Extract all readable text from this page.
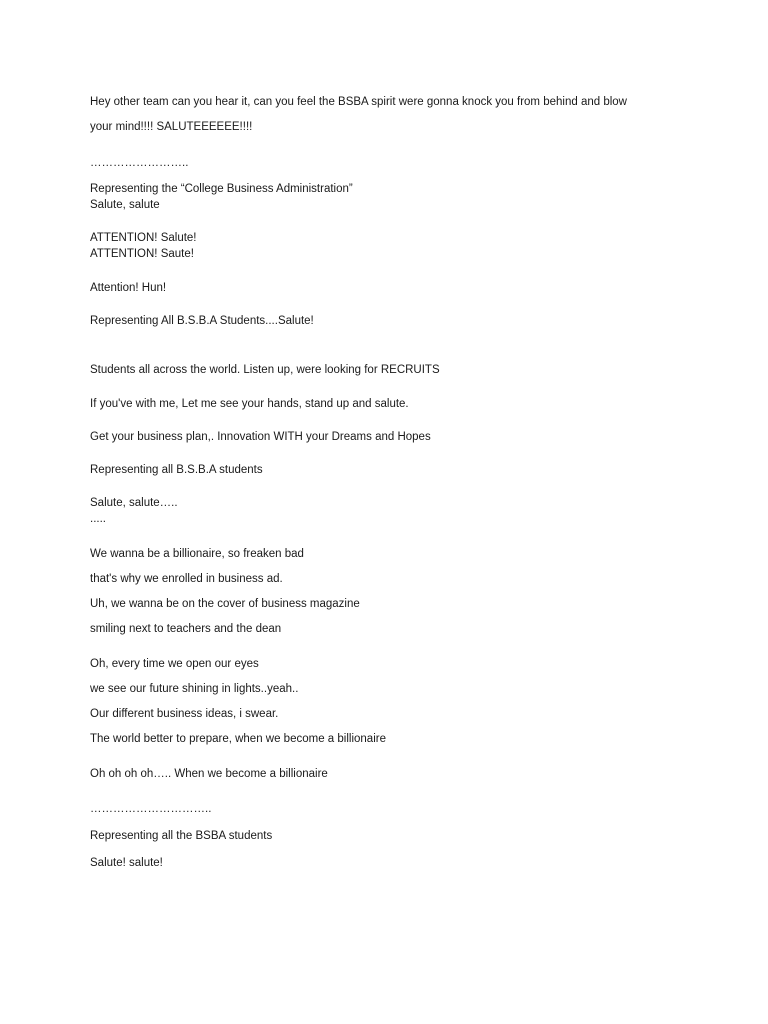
Hey other team can you hear it, can you feel the BSBA spirit were gonna knock you from behind and blow
your mind!!!! SALUTEEEEEE!!!!
……………………..
Representing the “College Business Administration”
Salute, salute
ATTENTION! Salute!
ATTENTION! Saute!
Attention! Hun!
Representing All B.S.B.A Students....Salute!
Students all across the world. Listen up, were looking for RECRUITS
If you've with me, Let me see your hands, stand up and salute.
Get your business plan,. Innovation WITH your Dreams and Hopes
Representing all B.S.B.A students
Salute, salute…..
.....
We wanna be a billionaire, so freaken bad
that's why we enrolled in business ad.
Uh, we wanna be on the cover of business magazine
smiling next to teachers and the dean
Oh, every time we open our eyes
we see our future shining in lights..yeah..
Our different business ideas, i swear.
The world better to prepare, when we become a billionaire
Oh oh oh oh….. When we become a billionaire
…………………………..
Representing all the BSBA students
Salute! salute!
